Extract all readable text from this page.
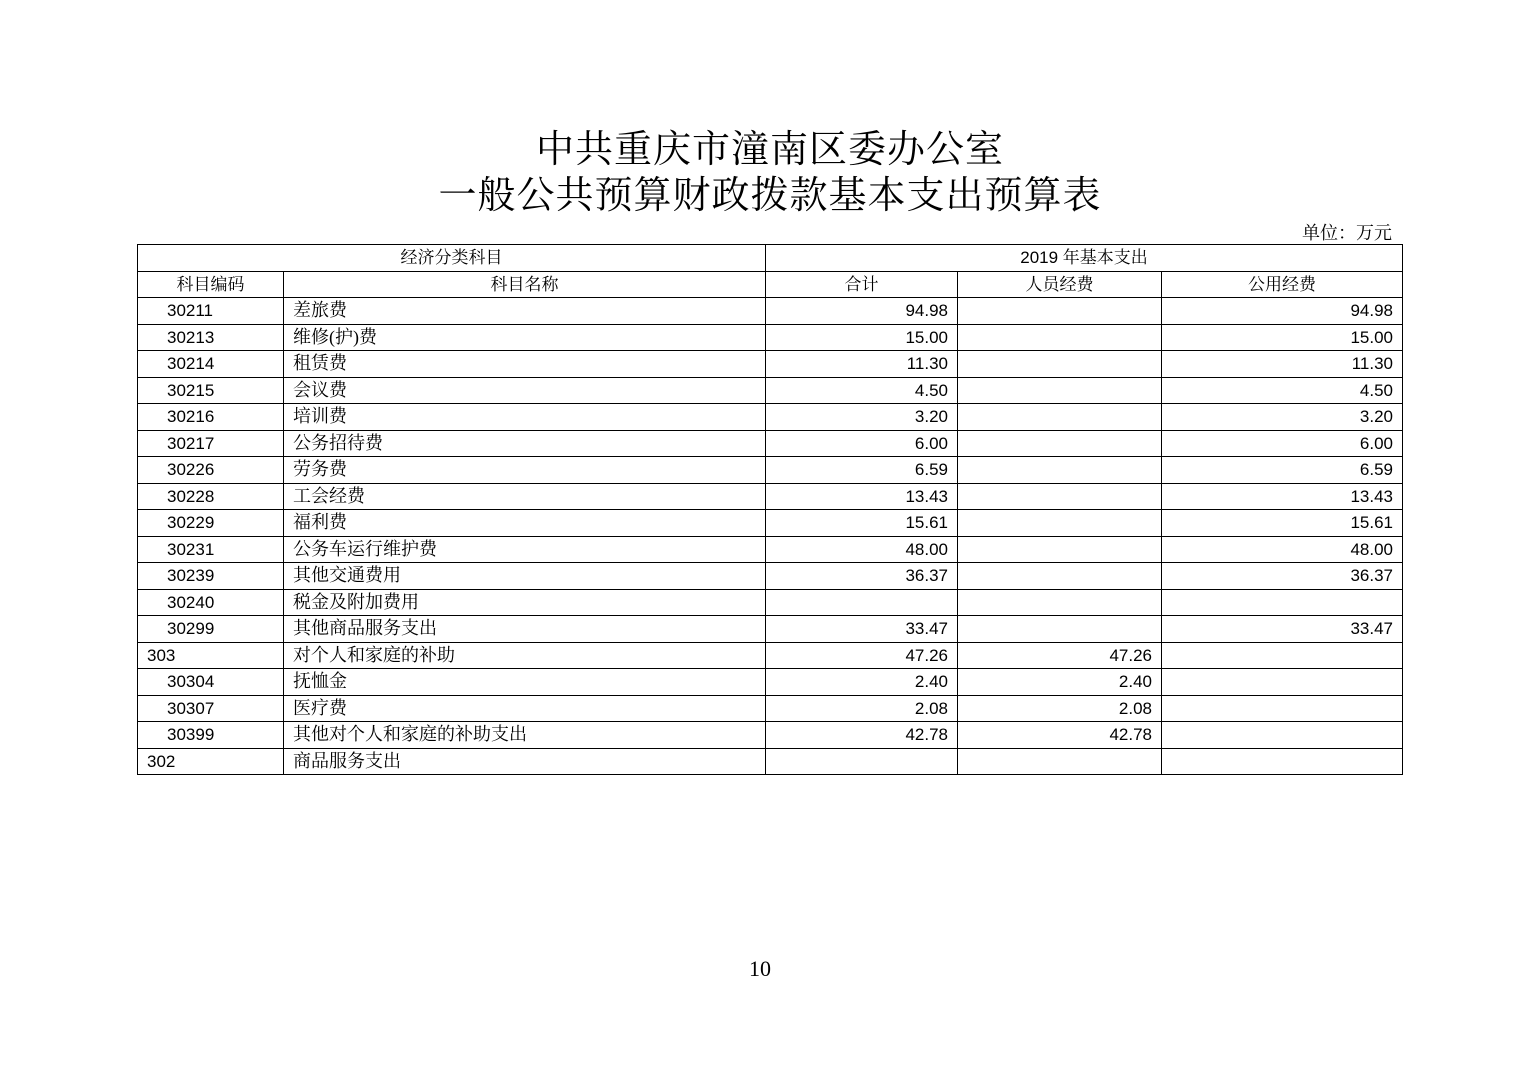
中共重庆市潼南区委办公室
一般公共预算财政拨款基本支出预算表
单位：万元
经济分类科目		2019 年基本支出		
科目编码	科目名称	合计	人员经费	公用经费
30211	差旅费	94.98		94.98
30213	维修(护)费	15.00		15.00
30214	租赁费	11.30		11.30
30215	会议费	4.50		4.50
30216	培训费	3.20		3.20
30217	公务招待费	6.00		6.00
30226	劳务费	6.59		6.59
30228	工会经费	13.43		13.43
30229	福利费	15.61		15.61
30231	公务车运行维护费	48.00		48.00
30239	其他交通费用	36.37		36.37
30240	税金及附加费用			
30299	其他商品服务支出	33.47		33.47
303	对个人和家庭的补助	47.26	47.26	
30304	抚恤金	2.40	2.40	
30307	医疗费	2.08	2.08	
30399	其他对个人和家庭的补助支出	42.78	42.78	
302	商品服务支出			
10
